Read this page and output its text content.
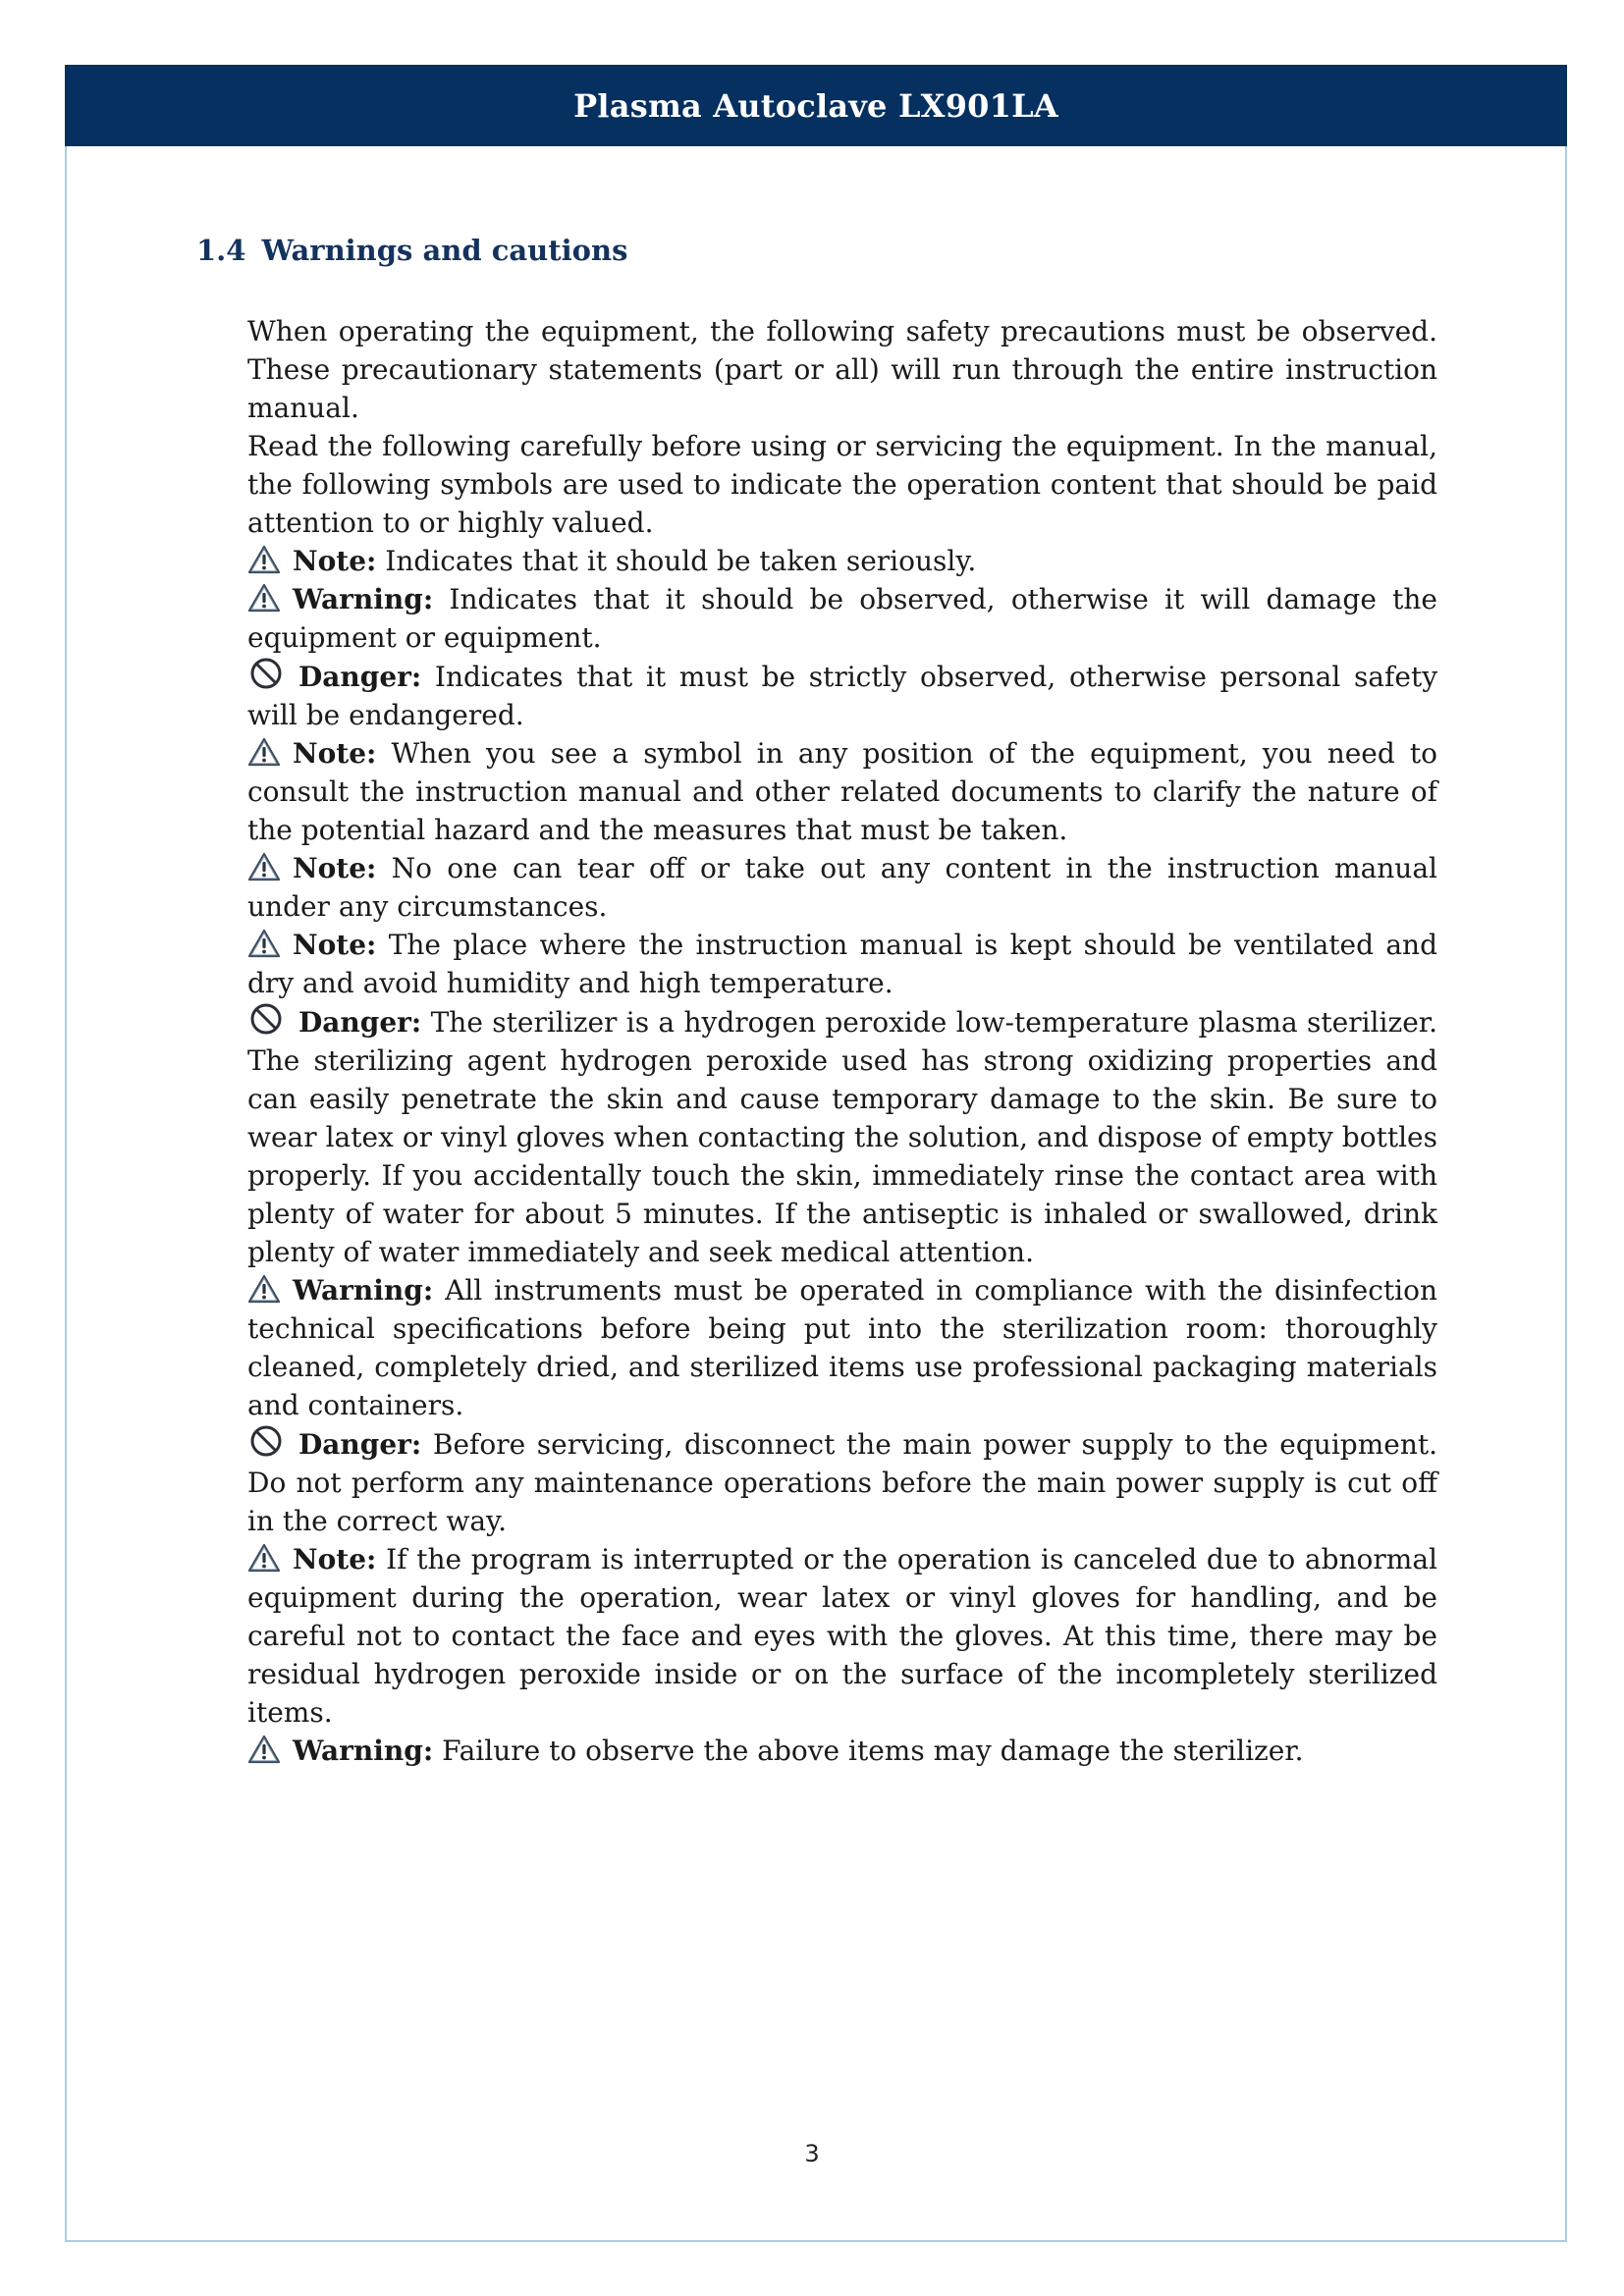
Plasma Autoclave LX901LA
1.4 Warnings and cautions

When operating the equipment, the following safety precautions must be observed. These precautionary statements (part or all) will run through the entire instruction manual.

Read the following carefully before using or servicing the equipment. In the manual, the following symbols are used to indicate the operation content that should be paid attention to or highly valued.

Note: Indicates that it should be taken seriously.

Warning: Indicates that it should be observed, otherwise it will damage the equipment or equipment.

Danger: Indicates that it must be strictly observed, otherwise personal safety will be endangered.

Note: When you see a symbol in any position of the equipment, you need to consult the instruction manual and other related documents to clarify the nature of the potential hazard and the measures that must be taken.

Note: No one can tear off or take out any content in the instruction manual under any circumstances.

Note: The place where the instruction manual is kept should be ventilated and dry and avoid humidity and high temperature.

Danger: The sterilizer is a hydrogen peroxide low-temperature plasma sterilizer. The sterilizing agent hydrogen peroxide used has strong oxidizing properties and can easily penetrate the skin and cause temporary damage to the skin. Be sure to wear latex or vinyl gloves when contacting the solution, and dispose of empty bottles properly. If you accidentally touch the skin, immediately rinse the contact area with plenty of water for about 5 minutes. If the antiseptic is inhaled or swallowed, drink plenty of water immediately and seek medical attention.

Warning: All instruments must be operated in compliance with the disinfection technical specifications before being put into the sterilization room: thoroughly cleaned, completely dried, and sterilized items use professional packaging materials and containers.

Danger: Before servicing, disconnect the main power supply to the equipment. Do not perform any maintenance operations before the main power supply is cut off in the correct way.

Note: If the program is interrupted or the operation is canceled due to abnormal equipment during the operation, wear latex or vinyl gloves for handling, and be careful not to contact the face and eyes with the gloves. At this time, there may be residual hydrogen peroxide inside or on the surface of the incompletely sterilized items.

Warning: Failure to observe the above items may damage the sterilizer.

3
